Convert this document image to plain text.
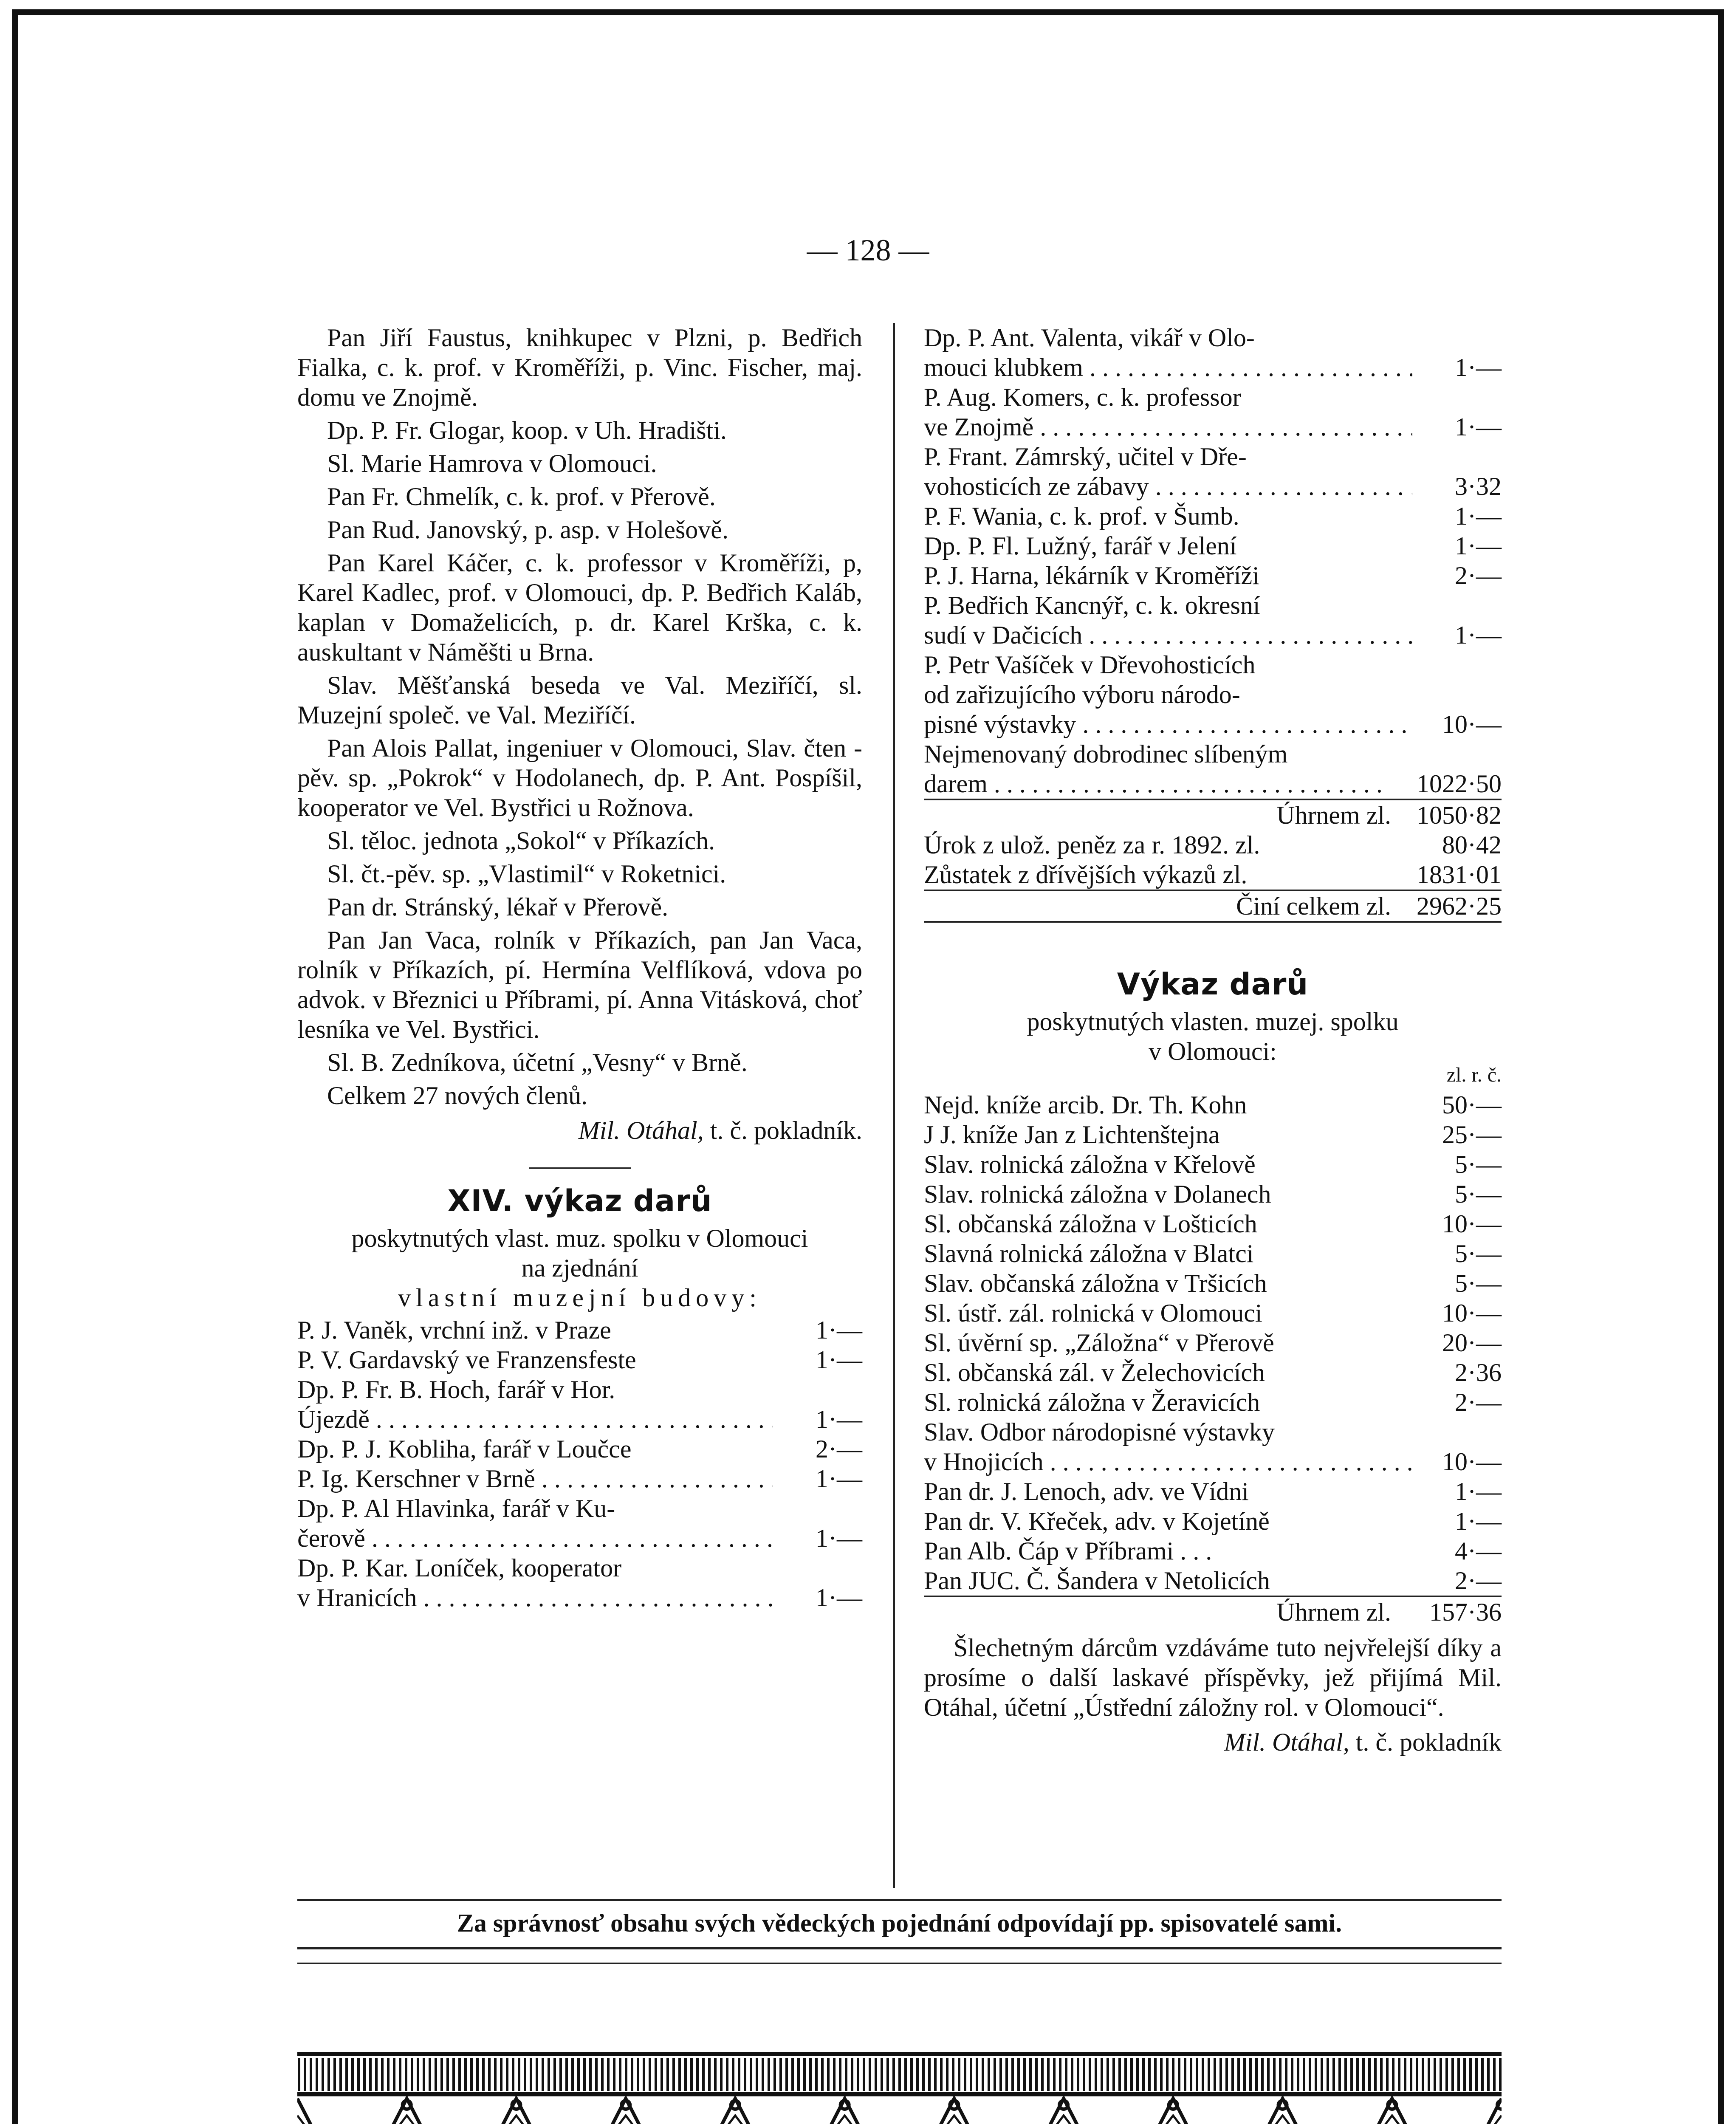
— 128 —

Pan Jiří Faustus, knihkupec v Plzni, p. Bedřich Fialka, c. k. prof. v Kroměříži, p. Vinc. Fischer, maj. domu ve Znojmě.

Dp. P. Fr. Glogar, koop. v Uh. Hradišti.

Sl. Marie Hamrova v Olomouci.

Pan Fr. Chmelík, c. k. prof. v Přerově.

Pan Rud. Janovský, p. asp. v Holešově.

Pan Karel Káčer, c. k. professor v Kroměříži, p, Karel Kadlec, prof. v Olomouci, dp. P. Bedřich Kaláb, kaplan v Domaželicích, p. dr. Karel Krška, c. k. auskultant v Náměšti u Brna.

Slav. Měšťanská beseda ve Val. Meziříčí, sl. Muzejní společ. ve Val. Meziříčí.

Pan Alois Pallat, ingeniuer v Olomouci, Slav. čten -pěv. sp. „Pokrok“ v Hodolanech, dp. P. Ant. Pospíšil, kooperator ve Vel. Bystřici u Rožnova.

Sl. těloc. jednota „Sokol“ v Příkazích.

Sl. čt.-pěv. sp. „Vlastimil“ v Roketnici.

Pan dr. Stránský, lékař v Přerově.

Pan Jan Vaca, rolník v Příkazích, pan Jan Vaca, rolník v Příkazích, pí. Hermína Velflíková, vdova po advok. v Březnici u Příbrami, pí. Anna Vitásková, choť lesníka ve Vel. Bystřici.

Sl. B. Zedníkova, účetní „Vesny“ v Brně.

Celkem 27 nových členů.

Mil. Otáhal, t. č. pokladník.
XIV. výkaz darů

poskytnutých vlast. muz. spolku v Olomouci

na zjednání

vlastní muzejní budovy:

P. J. Vaněk, vrchní inž. v Praze	1·—
P. V. Gardavský ve Franzensfeste	1·—
Dp. P. Fr. B. Hoch, farář v Hor.
Újezdě . . .	1·—
Dp. P. J. Kobliha, farář v Loučce	2·—
P. Ig. Kerschner v Brně . . .	1·—
Dp. P. Al Hlavinka, farář v Ku-
čerově . . .	1·—
Dp. P. Kar. Loníček, kooperator
v Hranicích . . .	1·—
Dp. P. Ant. Valenta, vikář v Olo-
mouci klubkem . . .	1·—
P. Aug. Komers, c. k. professor
ve Znojmě . . .	1·—
P. Frant. Zámrský, učitel v Dře-
vohosticích ze zábavy . . .	3·32
P. F. Wania, c. k. prof. v Šumb.	1·—
Dp. P. Fl. Lužný, farář v Jelení	1·—
P. J. Harna, lékárník v Kroměříži	2·—
P. Bedřich Kancnýř, c. k. okresní
sudí v Dačicích . . .	1·—
P. Petr Vašíček v Dřevohosticích
od zařizujícího výboru národo-
pisné výstavky . . .	10·—
Nejmenovaný dobrodinec slíbeným
darem . . .	1022·50
Úhrnem zl.	1050·82
Úrok z ulož. peněz za r. 1892. zl.	80·42
Zůstatek z dřívějších výkazů zl.	1831·01
Činí celkem zl.	2962·25
Výkaz darů

poskytnutých vlasten. muzej. spolku

v Olomouci:

zl. r. č.
Nejd. kníže arcib. Dr. Th. Kohn	50·—
J J. kníže Jan z Lichtenštejna	25·—
Slav. rolnická záložna v Křelově	5·—
Slav. rolnická záložna v Dolanech	5·—
Sl. občanská záložna v Lošticích	10·—
Slavná rolnická záložna v Blatci	5·—
Slav. občanská záložna v Tršicích	5·—
Sl. ústř. zál. rolnická v Olomouci	10·—
Sl. úvěrní sp. „Záložna“ v Přerově	20·—
Sl. občanská zál. v Želechovicích	2·36
Sl. rolnická záložna v Žeravicích	2·—
Slav. Odbor národopisné výstavky
v Hnojicích . . .	10·—
Pan dr. J. Lenoch, adv. ve Vídni	1·—
Pan dr. V. Křeček, adv. v Kojetíně	1·—
Pan Alb. Čáp v Příbrami . . .	4·—
Pan JUC. Č. Šandera v Netolicích	2·—
Úhrnem zl.	157·36

Šlechetným dárcům vzdáváme tuto nejvřelejší díky a prosíme o další laskavé příspěvky, jež přijímá Mil. Otáhal, účetní „Ústřední záložny rol. v Olomouci“.

Mil. Otáhal, t. č. pokladník
Za správnosť obsahu svých vědeckých pojednání odpovídají pp. spisovatelé sami.
